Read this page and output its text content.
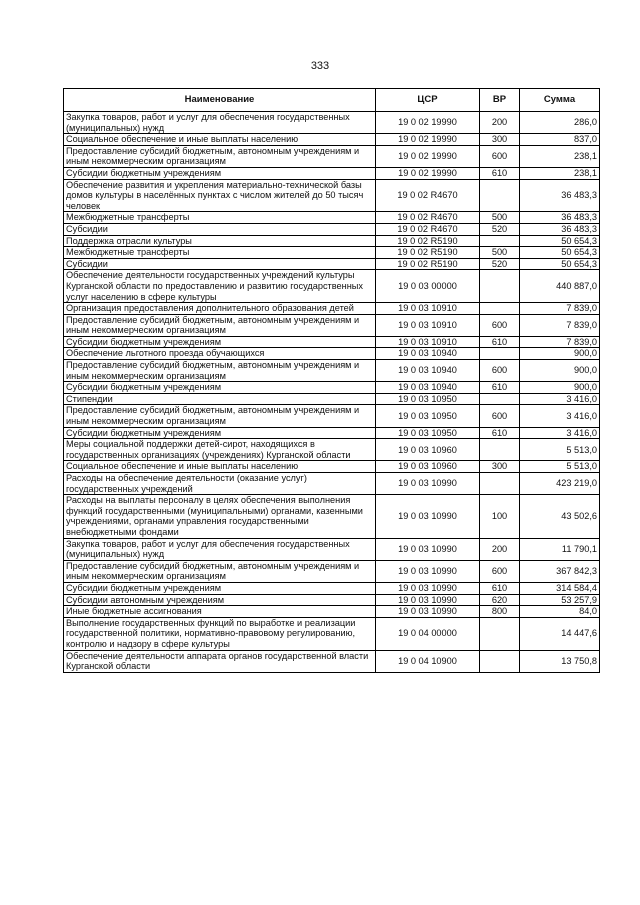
333
Наименование	ЦСР	ВР	Сумма
Закупка товаров, работ и услуг для обеспечения государственных (муниципальных) нужд	19 0 02 19990	200	286,0
Социальное обеспечение и иные выплаты населению	19 0 02 19990	300	837,0
Предоставление субсидий бюджетным, автономным учреждениям и иным некоммерческим организациям	19 0 02 19990	600	238,1
Субсидии бюджетным учреждениям	19 0 02 19990	610	238,1
Обеспечение развития и укрепления материально-технической базы домов культуры в населённых пунктах с числом жителей до 50 тысяч человек	19 0 02 R4670		36 483,3
Межбюджетные трансферты	19 0 02 R4670	500	36 483,3
Субсидии	19 0 02 R4670	520	36 483,3
Поддержка отрасли культуры	19 0 02 R5190		50 654,3
Межбюджетные трансферты	19 0 02 R5190	500	50 654,3
Субсидии	19 0 02 R5190	520	50 654,3
Обеспечение деятельности государственных учреждений культуры Курганской области по предоставлению и развитию государственных услуг населению в сфере культуры	19 0 03 00000		440 887,0
Организация предоставления дополнительного образования детей	19 0 03 10910		7 839,0
Предоставление субсидий бюджетным, автономным учреждениям и иным некоммерческим организациям	19 0 03 10910	600	7 839,0
Субсидии бюджетным учреждениям	19 0 03 10910	610	7 839,0
Обеспечение льготного проезда обучающихся	19 0 03 10940		900,0
Предоставление субсидий бюджетным, автономным учреждениям и иным некоммерческим организациям	19 0 03 10940	600	900,0
Субсидии бюджетным учреждениям	19 0 03 10940	610	900,0
Стипендии	19 0 03 10950		3 416,0
Предоставление субсидий бюджетным, автономным учреждениям и иным некоммерческим организациям	19 0 03 10950	600	3 416,0
Субсидии бюджетным учреждениям	19 0 03 10950	610	3 416,0
Меры социальной поддержки детей-сирот, находящихся в государственных организациях (учреждениях) Курганской области	19 0 03 10960		5 513,0
Социальное обеспечение и иные выплаты населению	19 0 03 10960	300	5 513,0
Расходы на обеспечение деятельности (оказание услуг) государственных учреждений	19 0 03 10990		423 219,0
Расходы на выплаты персоналу в целях обеспечения выполнения функций государственными (муниципальными) органами, казенными учреждениями, органами управления государственными внебюджетными фондами	19 0 03 10990	100	43 502,6
Закупка товаров, работ и услуг для обеспечения государственных (муниципальных) нужд	19 0 03 10990	200	11 790,1
Предоставление субсидий бюджетным, автономным учреждениям и иным некоммерческим организациям	19 0 03 10990	600	367 842,3
Субсидии бюджетным учреждениям	19 0 03 10990	610	314 584,4
Субсидии автономным учреждениям	19 0 03 10990	620	53 257,9
Иные бюджетные ассигнования	19 0 03 10990	800	84,0
Выполнение государственных функций по выработке и реализации государственной политики, нормативно-правовому регулированию, контролю и надзору в сфере культуры	19 0 04 00000		14 447,6
Обеспечение деятельности аппарата органов государственной власти Курганской области	19 0 04 10900		13 750,8
